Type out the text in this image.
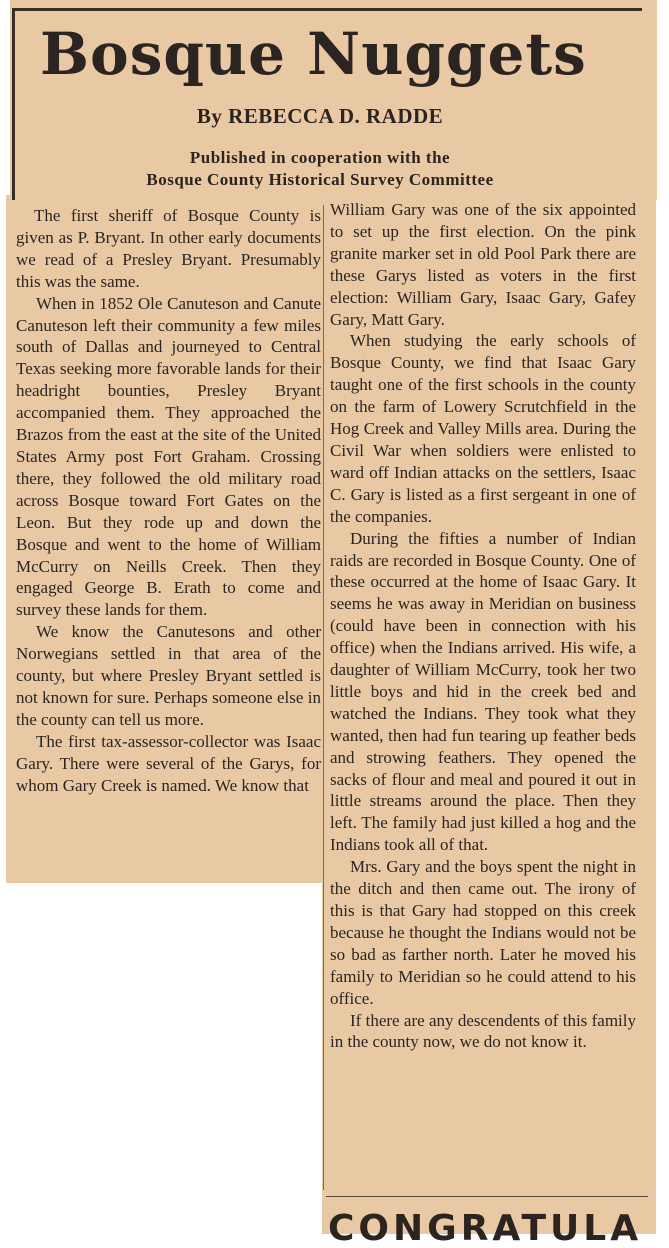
Bosque Nuggets
By REBECCA D. RADDE
Published in cooperation with the
Bosque County Historical Survey Committee

The first sheriff of Bosque County is given as P. Bryant. In other early documents we read of a Presley Bryant. Presumably this was the same.

When in 1852 Ole Canuteson and Canute Canuteson left their community a few miles south of Dallas and journeyed to Central Texas seeking more favorable lands for their headright bounties, Presley Bryant accompanied them. They approached the Brazos from the east at the site of the United States Army post Fort Graham. Crossing there, they followed the old military road across Bosque toward Fort Gates on the Leon. But they rode up and down the Bosque and went to the home of William McCurry on Neills Creek. Then they engaged George B. Erath to come and survey these lands for them.

We know the Canutesons and other Norwegians settled in that area of the county, but where Presley Bryant settled is not known for sure. Perhaps someone else in the county can tell us more.

The first tax-assessor-collector was Isaac Gary. There were several of the Garys, for whom Gary Creek is named. We know that

William Gary was one of the six appointed to set up the first election. On the pink granite marker set in old Pool Park there are these Garys listed as voters in the first election: William Gary, Isaac Gary, Gafey Gary, Matt Gary.

When studying the early schools of Bosque County, we find that Isaac Gary taught one of the first schools in the county on the farm of Lowery Scrutchfield in the Hog Creek and Valley Mills area. During the Civil War when soldiers were enlisted to ward off Indian attacks on the settlers, Isaac C. Gary is listed as a first sergeant in one of the companies.

During the fifties a number of Indian raids are recorded in Bosque County. One of these occurred at the home of Isaac Gary. It seems he was away in Meridian on business (could have been in connection with his office) when the Indians arrived. His wife, a daughter of William McCurry, took her two little boys and hid in the creek bed and watched the Indians. They took what they wanted, then had fun tearing up feather beds and strowing feathers. They opened the sacks of flour and meal and poured it out in little streams around the place. Then they left. The family had just killed a hog and the Indians took all of that.

Mrs. Gary and the boys spent the night in the ditch and then came out. The irony of this is that Gary had stopped on this creek because he thought the Indians would not be so bad as farther north. Later he moved his family to Meridian so he could attend to his office.

If there are any descendents of this family in the county now, we do not know it.

CONGRATULA
